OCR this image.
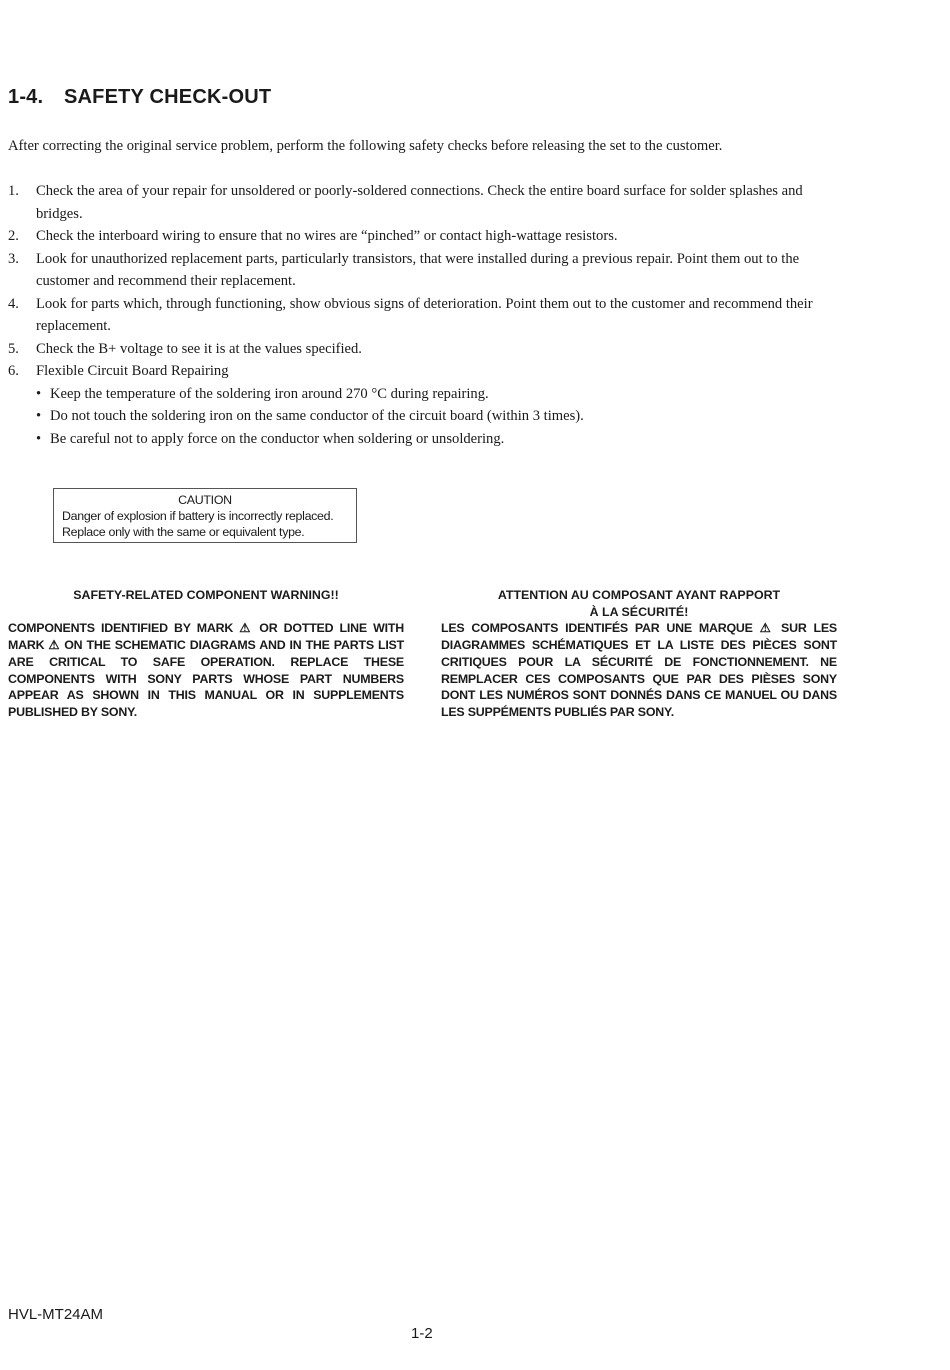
1-4. SAFETY CHECK-OUT

After correcting the original service problem, perform the following safety checks before releasing the set to the customer.

1. Check the area of your repair for unsoldered or poorly-soldered connections. Check the entire board surface for solder splashes and bridges.
2. Check the interboard wiring to ensure that no wires are “pinched” or contact high-wattage resistors.
3. Look for unauthorized replacement parts, particularly transistors, that were installed during a previous repair. Point them out to the customer and recommend their replacement.
4. Look for parts which, through functioning, show obvious signs of deterioration. Point them out to the customer and recommend their replacement.
5. Check the B+ voltage to see it is at the values specified.
6. Flexible Circuit Board Repairing
• Keep the temperature of the soldering iron around 270 °C during repairing.
• Do not touch the soldering iron on the same conductor of the circuit board (within 3 times).
• Be careful not to apply force on the conductor when soldering or unsoldering.
CAUTION
Danger of explosion if battery is incorrectly replaced.
Replace only with the same or equivalent type.
SAFETY-RELATED COMPONENT WARNING!!

COMPONENTS IDENTIFIED BY MARK ⚠ OR DOTTED LINE WITH MARK ⚠ ON THE SCHEMATIC DIAGRAMS AND IN THE PARTS LIST ARE CRITICAL TO SAFE OPERATION. REPLACE THESE COMPONENTS WITH SONY PARTS WHOSE PART NUMBERS APPEAR AS SHOWN IN THIS MANUAL OR IN SUPPLEMENTS PUBLISHED BY SONY.

ATTENTION AU COMPOSANT AYANT RAPPORT
À LA SÉCURITÉ!

LES COMPOSANTS IDENTIFÉS PAR UNE MARQUE ⚠ SUR LES DIAGRAMMES SCHÉMATIQUES ET LA LISTE DES PIÈCES SONT CRITIQUES POUR LA SÉCURITÉ DE FONCTIONNEMENT. NE REMPLACER CES COMPOSANTS QUE PAR DES PIÈSES SONY DONT LES NUMÉROS SONT DONNÉS DANS CE MANUEL OU DANS LES SUPPÉMENTS PUBLIÉS PAR SONY.

HVL-MT24AM
1-2
